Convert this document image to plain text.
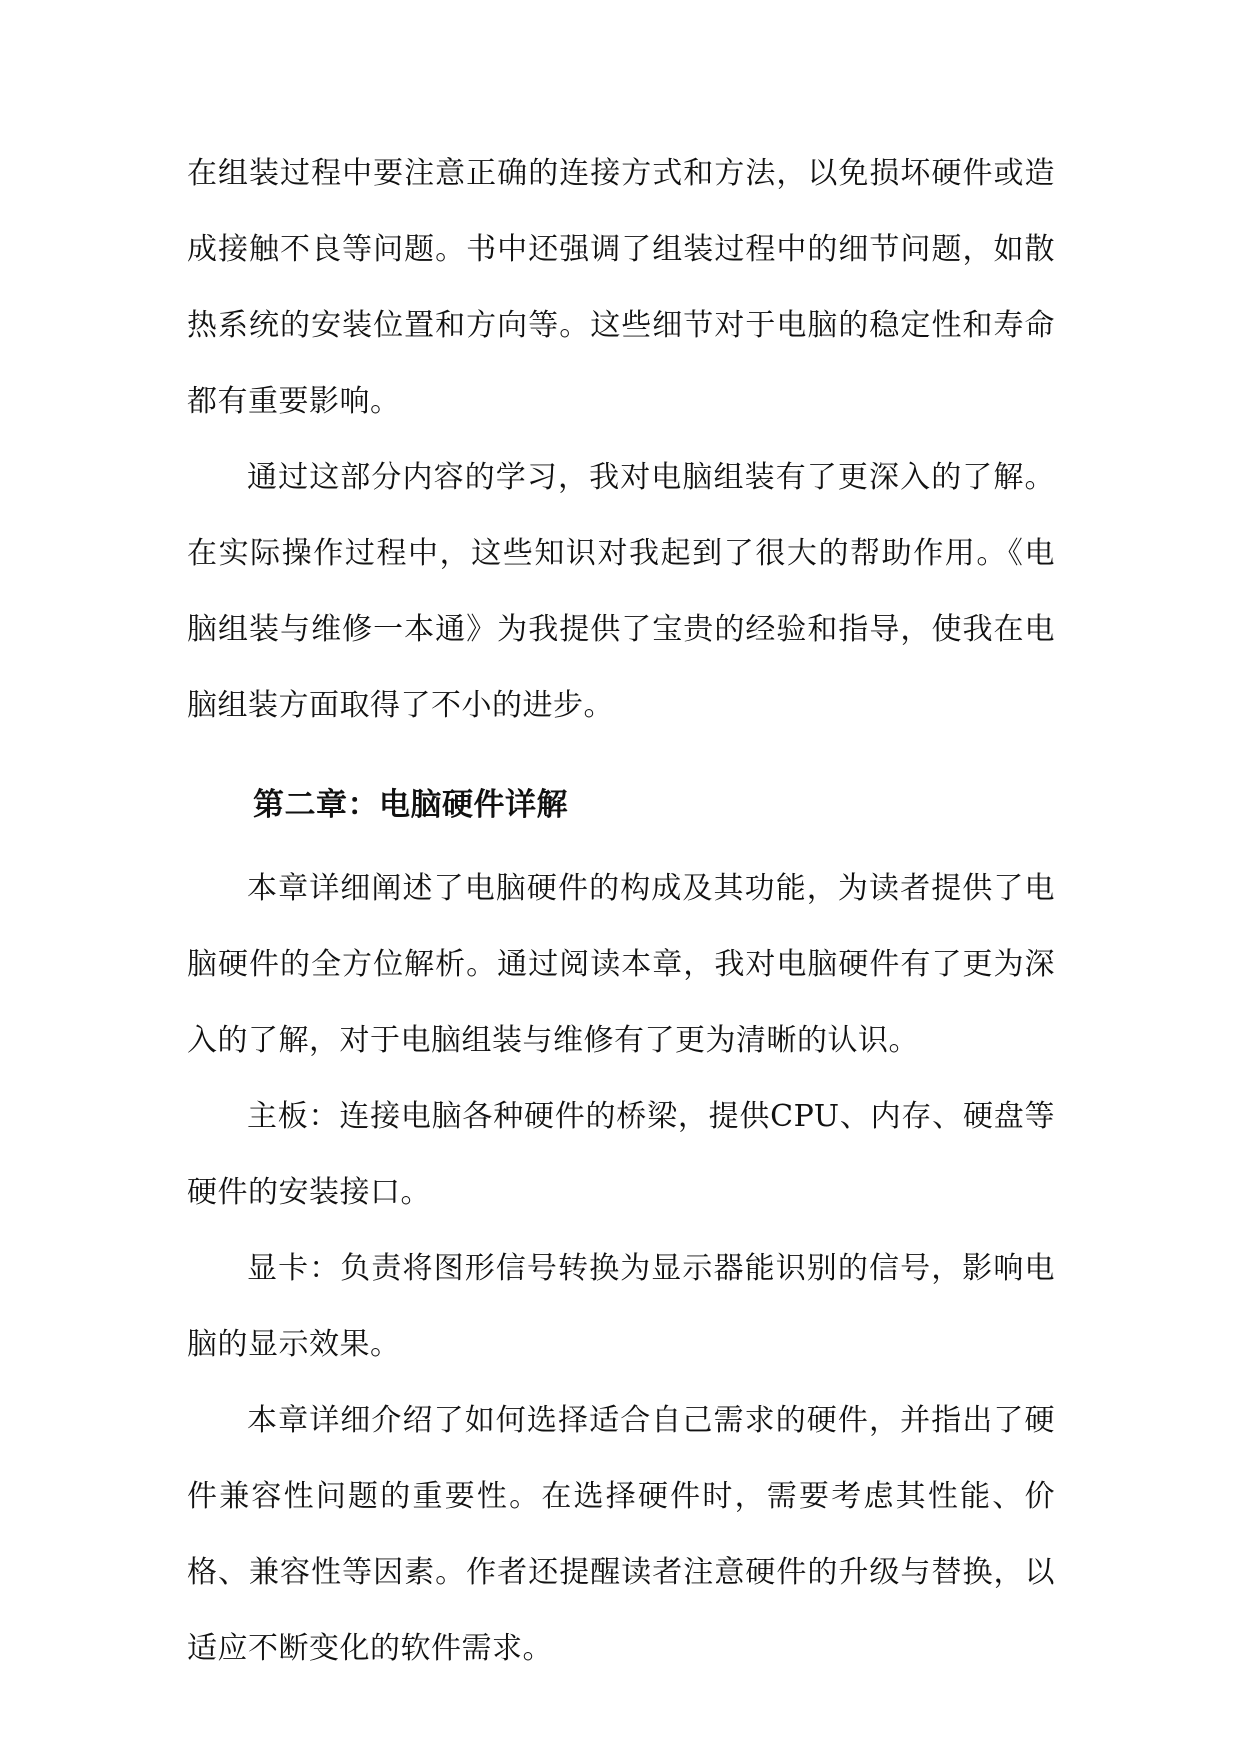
在组装过程中要注意正确的连接方式和方法，以免损坏硬件或造成接触不良等问题。书中还强调了组装过程中的细节问题，如散热系统的安装位置和方向等。这些细节对于电脑的稳定性和寿命都有重要影响。

通过这部分内容的学习，我对电脑组装有了更深入的了解。在实际操作过程中，这些知识对我起到了很大的帮助作用。《电脑组装与维修一本通》为我提供了宝贵的经验和指导，使我在电脑组装方面取得了不小的进步。

第二章：电脑硬件详解

本章详细阐述了电脑硬件的构成及其功能，为读者提供了电脑硬件的全方位解析。通过阅读本章，我对电脑硬件有了更为深入的了解，对于电脑组装与维修有了更为清晰的认识。

主板：连接电脑各种硬件的桥梁，提供CPU、内存、硬盘等硬件的安装接口。

显卡：负责将图形信号转换为显示器能识别的信号，影响电脑的显示效果。

本章详细介绍了如何选择适合自己需求的硬件，并指出了硬件兼容性问题的重要性。在选择硬件时，需要考虑其性能、价格、兼容性等因素。作者还提醒读者注意硬件的升级与替换，以适应不断变化的软件需求。
